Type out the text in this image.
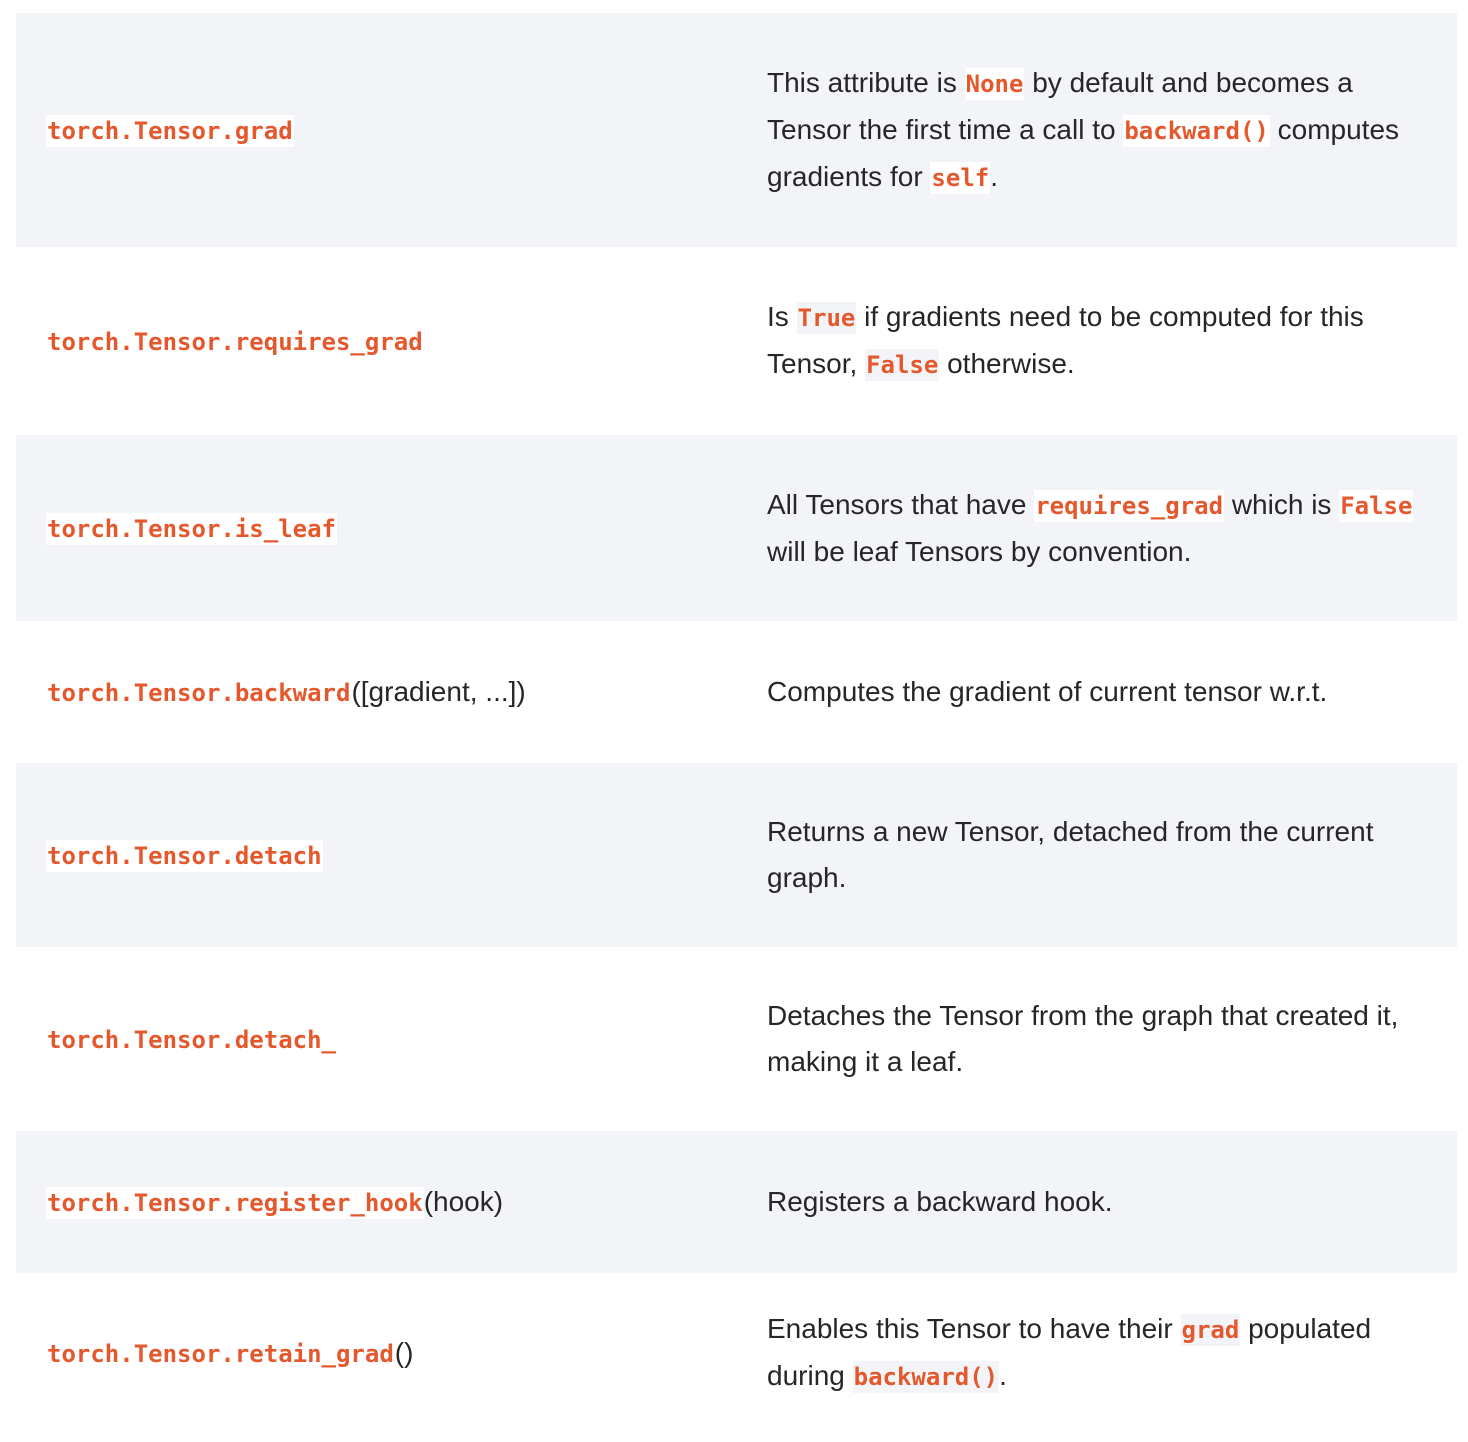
torch.Tensor.grad
This attribute is None by default and becomes a Tensor the first time a call to backward() computes gradients for self.
torch.Tensor.requires_grad
Is True if gradients need to be computed for this Tensor, False otherwise.
torch.Tensor.is_leaf
All Tensors that have requires_grad which is False will be leaf Tensors by convention.
torch.Tensor.backward([gradient, ...])	Computes the gradient of current tensor w.r.t.
torch.Tensor.detach
Returns a new Tensor, detached from the current graph.
torch.Tensor.detach_
Detaches the Tensor from the graph that created it, making it a leaf.
torch.Tensor.register_hook(hook)	Registers a backward hook.
torch.Tensor.retain_grad()
Enables this Tensor to have their grad populated during backward().
